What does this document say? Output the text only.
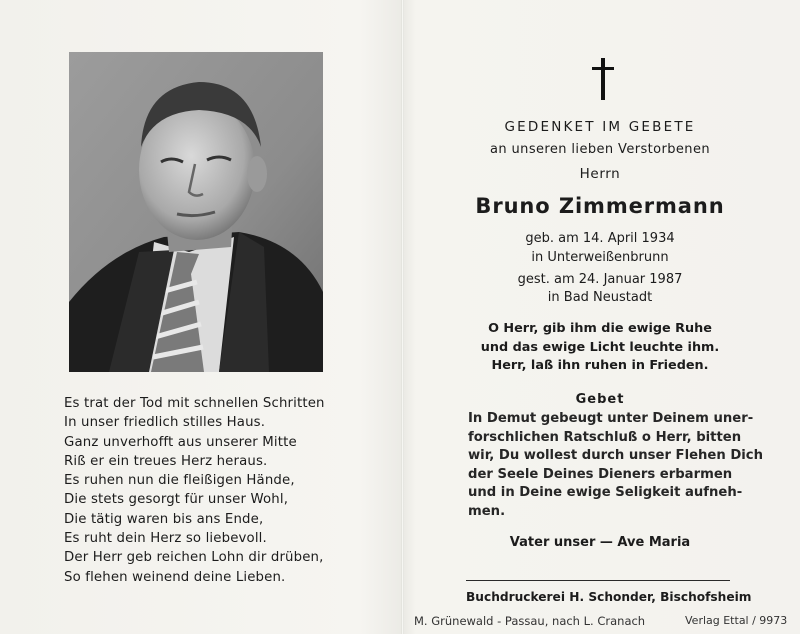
Es trat der Tod mit schnellen Schritten
In unser friedlich stilles Haus.
Ganz unverhofft aus unserer Mitte
Riß er ein treues Herz heraus.
Es ruhen nun die fleißigen Hände,
Die stets gesorgt für unser Wohl,
Die tätig waren bis ans Ende,
Es ruht dein Herz so liebevoll.
Der Herr geb reichen Lohn dir drüben,
So flehen weinend deine Lieben.
GEDENKET IM GEBETE
an unseren lieben Verstorbenen
Herrn
Bruno Zimmermann
geb. am 14. April 1934
in Unterweißenbrunn
gest. am 24. Januar 1987
in Bad Neustadt
O Herr, gib ihm die ewige Ruhe
und das ewige Licht leuchte ihm.
Herr, laß ihn ruhen in Frieden.
Gebet
In Demut gebeugt unter Deinem uner-
forschlichen Ratschluß o Herr, bitten
wir, Du wollest durch unser Flehen Dich
der Seele Deines Dieners erbarmen
und in Deine ewige Seligkeit aufneh-
men.
Vater unser — Ave Maria
Buchdruckerei H. Schonder, Bischofsheim
M. Grünewald - Passau, nach L. Cranach	Verlag Ettal / 9973
